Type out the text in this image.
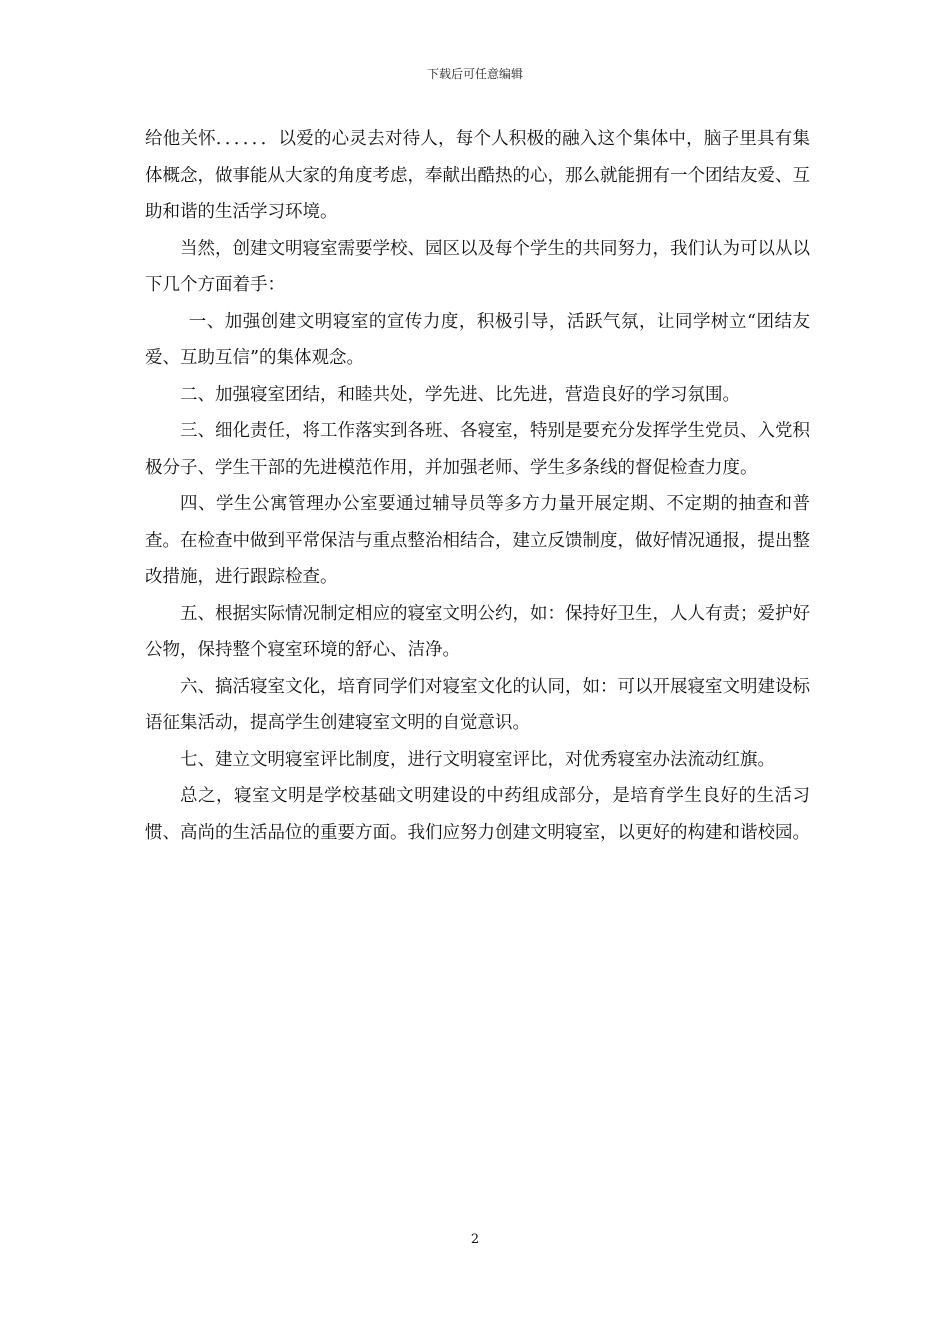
下载后可任意编辑

给他关怀．．．．．．以爱的心灵去对待人，每个人积极的融入这个集体中，脑子里具有集体概念，做事能从大家的角度考虑，奉献出酷热的心，那么就能拥有一个团结友爱、互助和谐的生活学习环境。

当然，创建文明寝室需要学校、园区以及每个学生的共同努力，我们认为可以从以下几个方面着手：

一、加强创建文明寝室的宣传力度，积极引导，活跃气氛，让同学树立“团结友爱、互助互信”的集体观念。

二、加强寝室团结，和睦共处，学先进、比先进，营造良好的学习氛围。

三、细化责任，将工作落实到各班、各寝室，特别是要充分发挥学生党员、入党积极分子、学生干部的先进模范作用，并加强老师、学生多条线的督促检查力度。

四、学生公寓管理办公室要通过辅导员等多方力量开展定期、不定期的抽查和普查。在检查中做到平常保洁与重点整治相结合，建立反馈制度，做好情况通报，提出整改措施，进行跟踪检查。

五、根据实际情况制定相应的寝室文明公约，如：保持好卫生，人人有责；爱护好公物，保持整个寝室环境的舒心、洁净。

六、搞活寝室文化，培育同学们对寝室文化的认同，如：可以开展寝室文明建设标语征集活动，提高学生创建寝室文明的自觉意识。

七、建立文明寝室评比制度，进行文明寝室评比，对优秀寝室办法流动红旗。

总之，寝室文明是学校基础文明建设的中药组成部分，是培育学生良好的生活习惯、高尚的生活品位的重要方面。我们应努力创建文明寝室，以更好的构建和谐校园。

2
